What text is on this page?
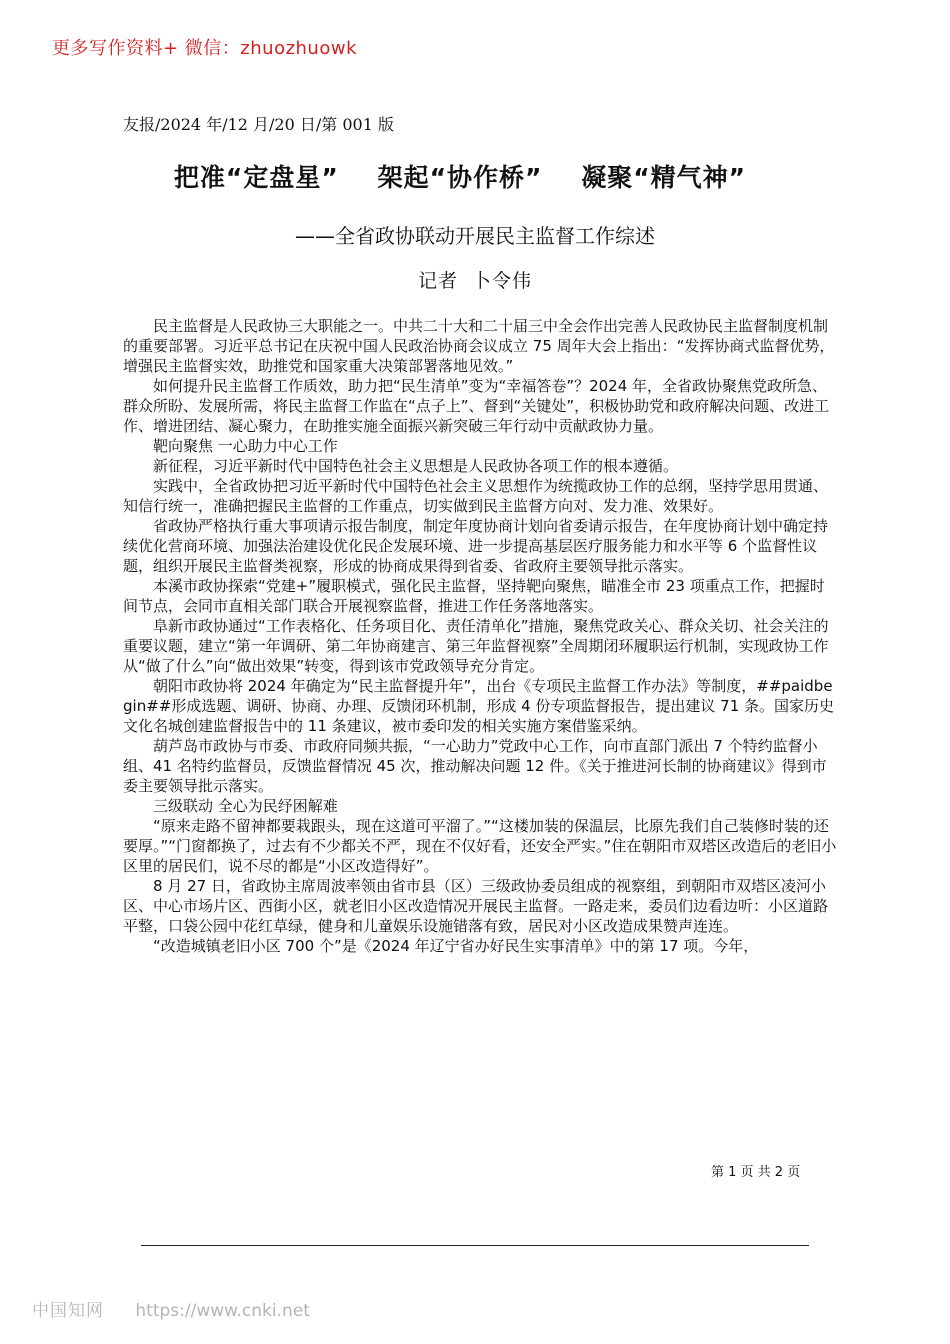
更多写作资料+ 微信：zhuozhuowk
友报/2024 年/12 月/20 日/第 001 版
把准“定盘星”    架起“协作桥”    凝聚“精气神”
——全省政协联动开展民主监督工作综述
记者  卜令伟

民主监督是人民政协三大职能之一。中共二十大和二十届三中全会作出完善人民政协民主监督制度机制的重要部署。习近平总书记在庆祝中国人民政治协商会议成立 75 周年大会上指出：“发挥协商式监督优势，增强民主监督实效，助推党和国家重大决策部署落地见效。”

如何提升民主监督工作质效，助力把“民生清单”变为“幸福答卷”？2024 年，全省政协聚焦党政所急、群众所盼、发展所需，将民主监督工作监在“点子上”、督到“关键处”，积极协助党和政府解决问题、改进工作、增进团结、凝心聚力，在助推实施全面振兴新突破三年行动中贡献政协力量。

靶向聚焦 一心助力中心工作

新征程，习近平新时代中国特色社会主义思想是人民政协各项工作的根本遵循。

实践中，全省政协把习近平新时代中国特色社会主义思想作为统揽政协工作的总纲，坚持学思用贯通、知信行统一，准确把握民主监督的工作重点，切实做到民主监督方向对、发力准、效果好。

省政协严格执行重大事项请示报告制度，制定年度协商计划向省委请示报告，在年度协商计划中确定持续优化营商环境、加强法治建设优化民企发展环境、进一步提高基层医疗服务能力和水平等 6 个监督性议题，组织开展民主监督类视察，形成的协商成果得到省委、省政府主要领导批示落实。

本溪市政协探索“党建+”履职模式，强化民主监督，坚持靶向聚焦，瞄准全市 23 项重点工作，把握时间节点，会同市直相关部门联合开展视察监督，推进工作任务落地落实。

阜新市政协通过“工作表格化、任务项目化、责任清单化”措施，聚焦党政关心、群众关切、社会关注的重要议题，建立“第一年调研、第二年协商建言、第三年监督视察”全周期闭环履职运行机制，实现政协工作从“做了什么”向“做出效果”转变，得到该市党政领导充分肯定。

朝阳市政协将 2024 年确定为“民主监督提升年”，出台《专项民主监督工作办法》等制度，##paidbegin##形成选题、调研、协商、办理、反馈闭环机制，形成 4 份专项监督报告，提出建议 71 条。国家历史文化名城创建监督报告中的 11 条建议，被市委印发的相关实施方案借鉴采纳。

葫芦岛市政协与市委、市政府同频共振，“一心助力”党政中心工作，向市直部门派出 7 个特约监督小组、41 名特约监督员，反馈监督情况 45 次，推动解决问题 12 件。《关于推进河长制的协商建议》得到市委主要领导批示落实。

三级联动 全心为民纾困解难

“原来走路不留神都要栽跟头，现在这道可平溜了。”“这楼加装的保温层，比原先我们自己装修时装的还要厚。”“门窗都换了，过去有不少都关不严，现在不仅好看，还安全严实。”住在朝阳市双塔区改造后的老旧小区里的居民们，说不尽的都是“小区改造得好”。

8 月 27 日，省政协主席周波率领由省市县（区）三级政协委员组成的视察组，到朝阳市双塔区凌河小区、中心市场片区、西街小区，就老旧小区改造情况开展民主监督。一路走来，委员们边看边听：小区道路平整，口袋公园中花红草绿，健身和儿童娱乐设施错落有致，居民对小区改造成果赞声连连。

“改造城镇老旧小区 700 个”是《2024 年辽宁省办好民生实事清单》中的第 17 项。今年，

第 1 页 共 2 页
中国知网 https://www.cnki.net
